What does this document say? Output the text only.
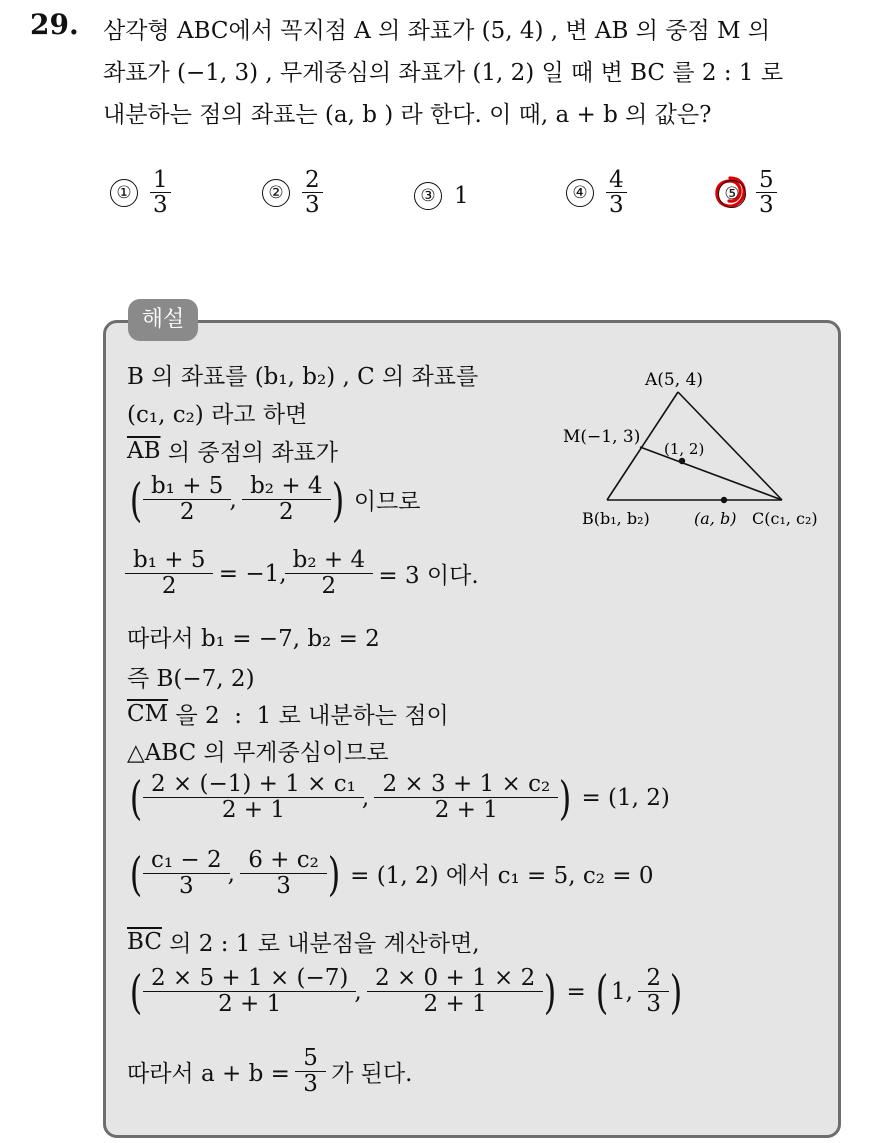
29. 삼각형 ABC에서 꼭지점 A 의 좌표가 (5, 4) , 변 AB 의 중점 M 의
좌표가 (−1, 3) , 무게중심의 좌표가 (1, 2) 일 때 변 BC 를 2 : 1 로
내분하는 점의 좌표는 (a, b ) 라 한다. 이 때, a + b 의 값은?
① $\frac{1}{3}$	② $\frac{2}{3}$	③ 1	④ $\frac{4}{3}$	⑤ $\frac{5}{3}$
해설
B 의 좌표를 (b₁, b₂) , C 의 좌표를
(c₁, c₂) 라고 하면
$\overline{AB}$ 의 중점의 좌표가
( $\frac{\text{b₁ + 5}}{2}$ , $\frac{\text{b₂ + 4}}{2}$ )
이므로
$\frac{\text{b₁ + 5}}{2}$
= −1, $\frac{\text{b₂ + 4}}{2}$
= 3 이다.
따라서 b₁ = −7, b₂ = 2
즉 B(−7, 2)
$\overline{CM}$ 을 2  :  1 로 내분하는 점이
△ABC 의 무게중심이므로
( $\frac{\text{2 × (−1) + 1 × c₁}}{2 + 1}$ , $\frac{\text{2 × 3 + 1 × c₂}}{2 + 1}$ )
= (1, 2)
( $\frac{\text{c₁ − 2}}{3}$ , $\frac{\text{6 + c₂}}{3}$ )
= (1, 2) 에서 c₁ = 5, c₂ = 0
$\overline{BC}$ 의 2 : 1 로 내분점을 계산하면,
( $\frac{2 \times 5 + 1 \times (-7)}{2 + 1}$ , $\frac{2 \times 0 + 1 \times 2}{2 + 1}$ )
=
( 1,
$\frac{2}{3}$ )
따라서 a + b =
$\frac{5}{3}$
가 된다.
A(5, 4)
M(−1, 3)
(1, 2)
B(b₁, b₂)	(a, b) C(c₁, c₂)
